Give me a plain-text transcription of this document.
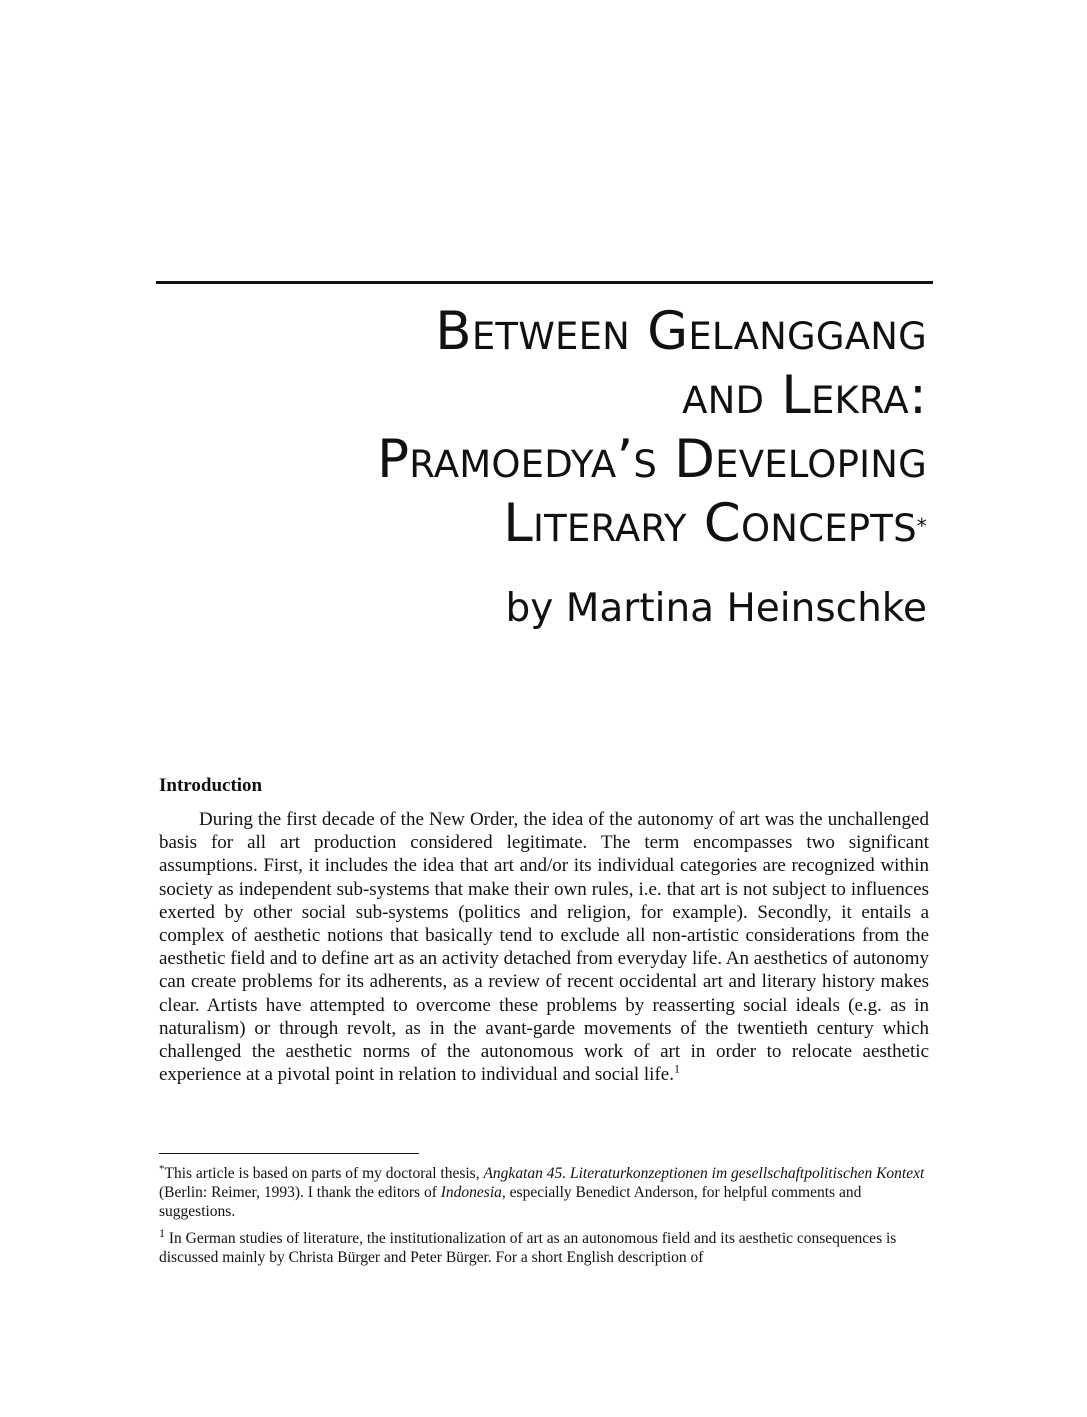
Between Gelanggang
and Lekra:
Pramoedya’s Developing
Literary Concepts*
by Martina Heinschke
Introduction

During the first decade of the New Order, the idea of the autonomy of art was the unchallenged basis for all art production considered legitimate. The term encompasses two significant assumptions. First, it includes the idea that art and/or its individual categories are recognized within society as independent sub-systems that make their own rules, i.e. that art is not subject to influences exerted by other social sub-systems (politics and religion, for example). Secondly, it entails a complex of aesthetic notions that basically tend to exclude all non-artistic considerations from the aesthetic field and to define art as an activity detached from everyday life. An aesthetics of autonomy can create problems for its adherents, as a review of recent occidental art and literary history makes clear. Artists have attempted to overcome these problems by reasserting social ideals (e.g. as in naturalism) or through revolt, as in the avant-garde movements of the twentieth century which challenged the aesthetic norms of the autonomous work of art in order to relocate aesthetic experience at a pivotal point in relation to individual and social life.$^1$

*This article is based on parts of my doctoral thesis, Angkatan 45. Literaturkonzeptionen im gesellschaftpolitischen Kontext (Berlin: Reimer, 1993). I thank the editors of Indonesia, especially Benedict Anderson, for helpful comments and suggestions.

$^1$ In German studies of literature, the institutionalization of art as an autonomous field and its aesthetic consequences is discussed mainly by Christa Bürger and Peter Bürger. For a short English description of
